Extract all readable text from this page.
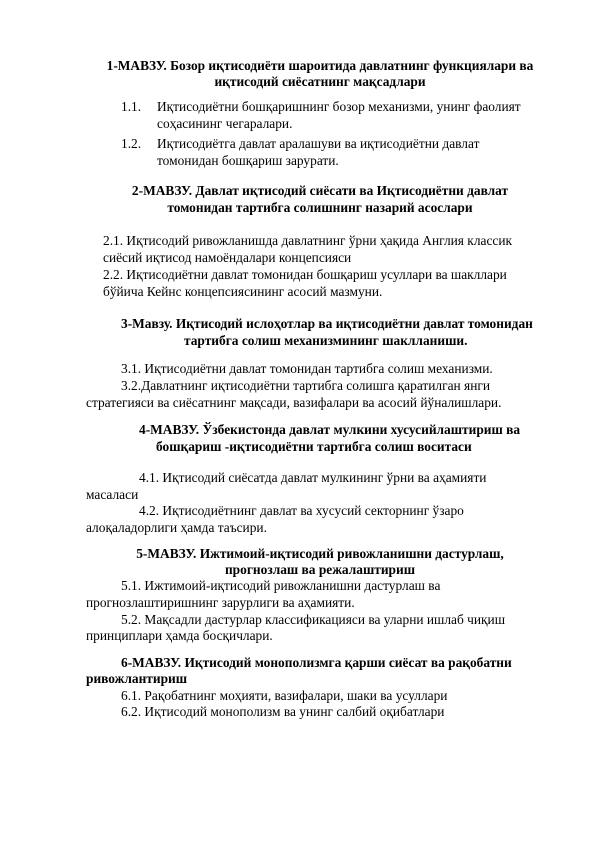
1-МАВЗУ. Бозор иқтисодиёти шароитида давлатнинг функциялари ва
иқтисодий сиёсатнинг мақсадлари
1.1. Иқтисодиётни бошқаришнинг бозор механизми, унинг фаолият
соҳасининг чегаралари.
1.2. Иқтисодиётга давлат аралашуви ва иқтисодиётни давлат
томонидан бошқариш зарурати.
2-МАВЗУ. Давлат иқтисодий сиёсати ва Иқтисодиётни давлат
томонидан тартибга солишнинг назарий асослари
2.1. Иқтисодий ривожланишда давлатнинг ўрни ҳақида Англия классик
сиёсий иқтисод намоёндалари концепсияси
2.2. Иқтисодиётни давлат томонидан бошқариш усуллари ва шакллари
бўйича Кейнс концепсиясининг асосий мазмуни.
3-Мавзу. Иқтисодий ислоҳотлар ва иқтисодиётни давлат томонидан
тартибга солиш механизмининг шаклланиши.
3.1. Иқтисодиётни давлат томонидан тартибга солиш механизми.
3.2.Давлатнинг иқтисодиётни тартибга солишга қаратилган янги
стратегияси ва сиёсатнинг мақсади, вазифалари ва асосий йўналишлари.
4-МАВЗУ. Ўзбекистонда давлат мулкини хусусийлаштириш ва
бошқариш -иқтисодиётни тартибга солиш воситаси
4.1. Иқтисодий сиёсатда давлат мулкининг ўрни ва аҳамияти
масаласи
4.2. Иқтисодиётнинг давлат ва хусусий секторнинг ўзаро
алоқаладорлиги ҳамда таъсири.
5-МАВЗУ. Ижтимоий-иқтисодий ривожланишни дастурлаш,
прогнозлаш ва режалаштириш
5.1. Ижтимоий-иқтисодий ривожланишни дастурлаш ва
прогнозлаштиришнинг зарурлиги ва аҳамияти.
5.2. Мақсадли дастурлар классификацияси ва уларни ишлаб чиқиш
принциплари ҳамда босқичлари.
6-МАВЗУ. Иқтисодий монополизмга қарши сиёсат ва рақобатни
ривожлантириш
6.1. Рақобатнинг моҳияти, вазифалари, шаки ва усуллари
6.2. Иқтисодий монополизм ва унинг салбий оқибатлари
